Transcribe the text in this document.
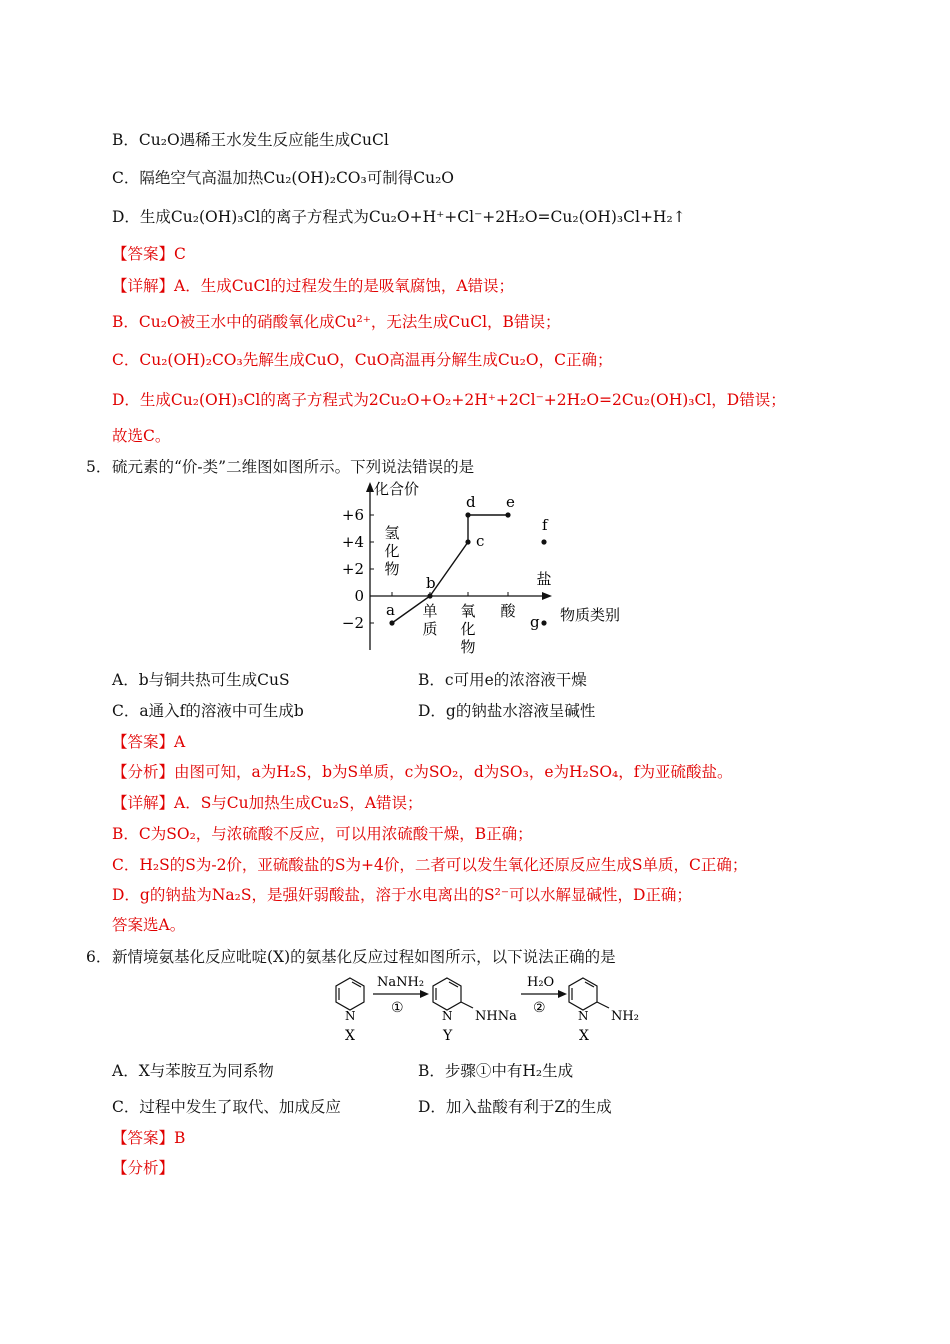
B．Cu₂O遇稀王水发生反应能生成CuCl
C．隔绝空气高温加热Cu₂(OH)₂CO₃可制得Cu₂O
D．生成Cu₂(OH)₃Cl的离子方程式为Cu₂O+H⁺+Cl⁻+2H₂O=Cu₂(OH)₃Cl+H₂↑
【答案】C
【详解】A．生成CuCl的过程发生的是吸氧腐蚀，A错误；
B．Cu₂O被王水中的硝酸氧化成Cu²⁺，无法生成CuCl，B错误；
C．Cu₂(OH)₂CO₃先解生成CuO，CuO高温再分解生成Cu₂O，C正确；
D．生成Cu₂(OH)₃Cl的离子方程式为2Cu₂O+O₂+2H⁺+2Cl⁻+2H₂O=2Cu₂(OH)₃Cl，D错误；
故选C。
5． 硫元素的“价-类”二维图如图所示。下列说法错误的是
+6
+4
+2
0
−2
化合价
物质类别
氢化物
单质
氧化物
酸
盐
a
b
c
d e
f
g
A．b与铜共热可生成CuS	B．c可用e的浓溶液干燥
C．a通入f的溶液中可生成b	D．g的钠盐水溶液呈碱性
【答案】A
【分析】由图可知，a为H₂S，b为S单质，c为SO₂，d为SO₃，e为H₂SO₄，f为亚硫酸盐。
【详解】A．S与Cu加热生成Cu₂S，A错误；
B．C为SO₂，与浓硫酸不反应，可以用浓硫酸干燥，B正确；
C．H₂S的S为-2价，亚硫酸盐的S为+4价，二者可以发生氧化还原反应生成S单质，C正确；
D．g的钠盐为Na₂S，是强奸弱酸盐，溶于水电离出的S²⁻可以水解显碱性，D正确；
答案选A。
6． 新情境氨基化反应吡啶(X)的氨基化反应过程如图所示，以下说法正确的是
N
X
NaNH₂
①	N NHNa
Y
H₂O
②	N NH₂
X
A．X与苯胺互为同系物	B．步骤①中有H₂生成
C．过程中发生了取代、加成反应	D．加入盐酸有利于Z的生成
【答案】B
【分析】
